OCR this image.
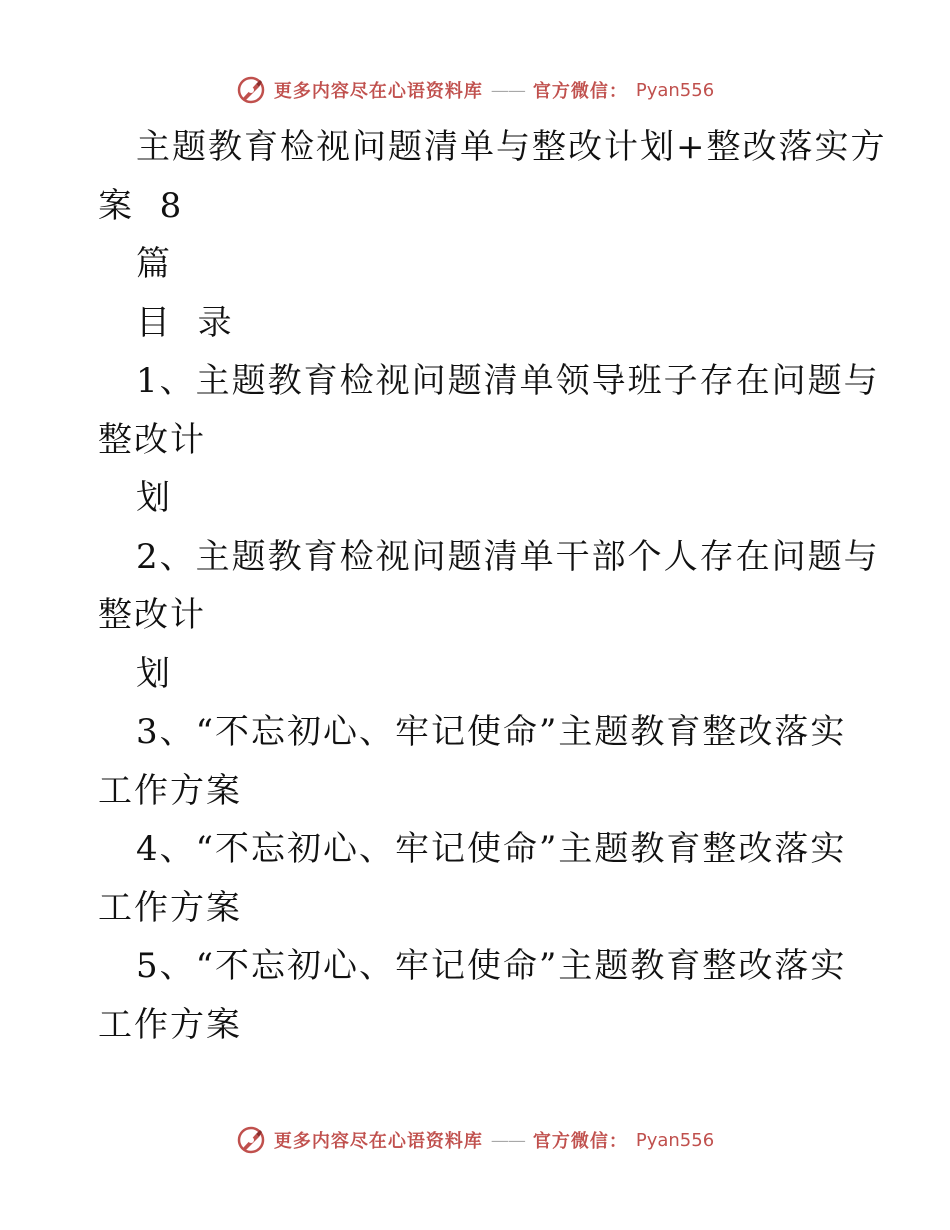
更多内容尽在心语资料库 —— 官方微信： Pyan556
主题教育检视问题清单与整改计划+整改落实方
案  8
篇
目  录
1、主题教育检视问题清单领导班子存在问题与
整改计
划
2、主题教育检视问题清单干部个人存在问题与
整改计
划
3、“不忘初心、牢记使命”主题教育整改落实
工作方案
4、“不忘初心、牢记使命”主题教育整改落实
工作方案
5、“不忘初心、牢记使命”主题教育整改落实
工作方案
更多内容尽在心语资料库 —— 官方微信： Pyan556
